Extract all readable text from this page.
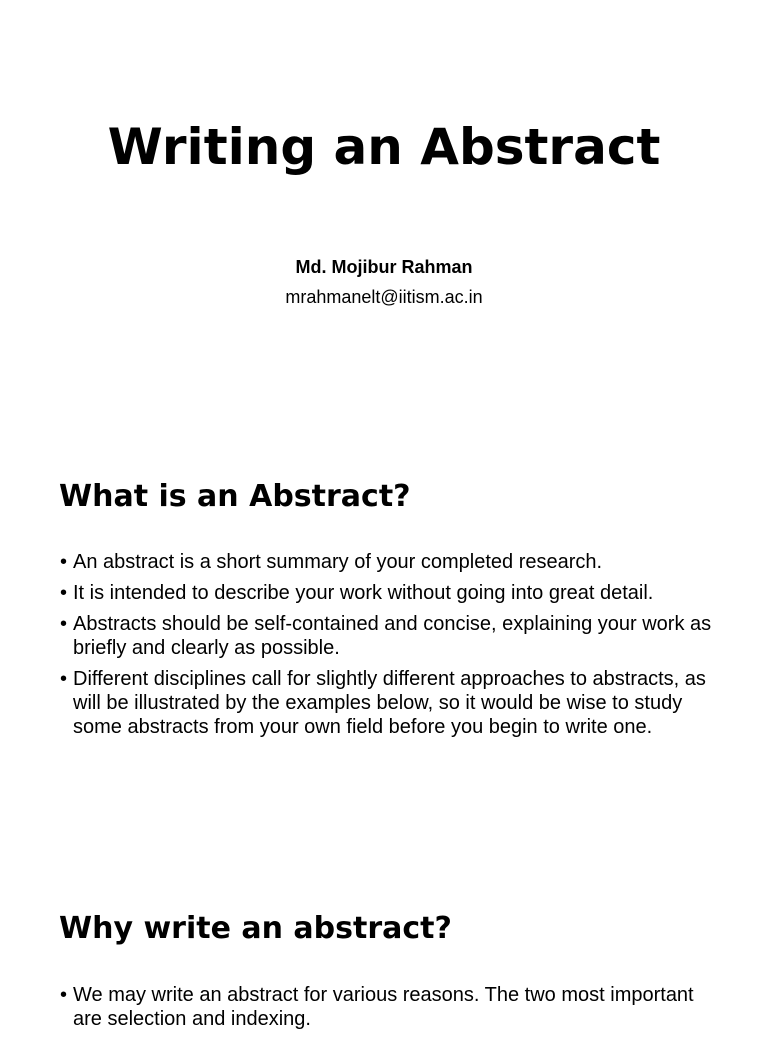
Writing an Abstract
Md. Mojibur Rahman
mrahmanelt@iitism.ac.in
What is an Abstract?
• An abstract is a short summary of your completed research.
• It is intended to describe your work without going into great detail.
• Abstracts should be self-contained and concise, explaining your work as briefly and clearly as possible.
• Different disciplines call for slightly different approaches to abstracts, as will be illustrated by the examples below, so it would be wise to study some abstracts from your own field before you begin to write one.
Why write an abstract?
• We may write an abstract for various reasons. The two most important are selection and indexing.
